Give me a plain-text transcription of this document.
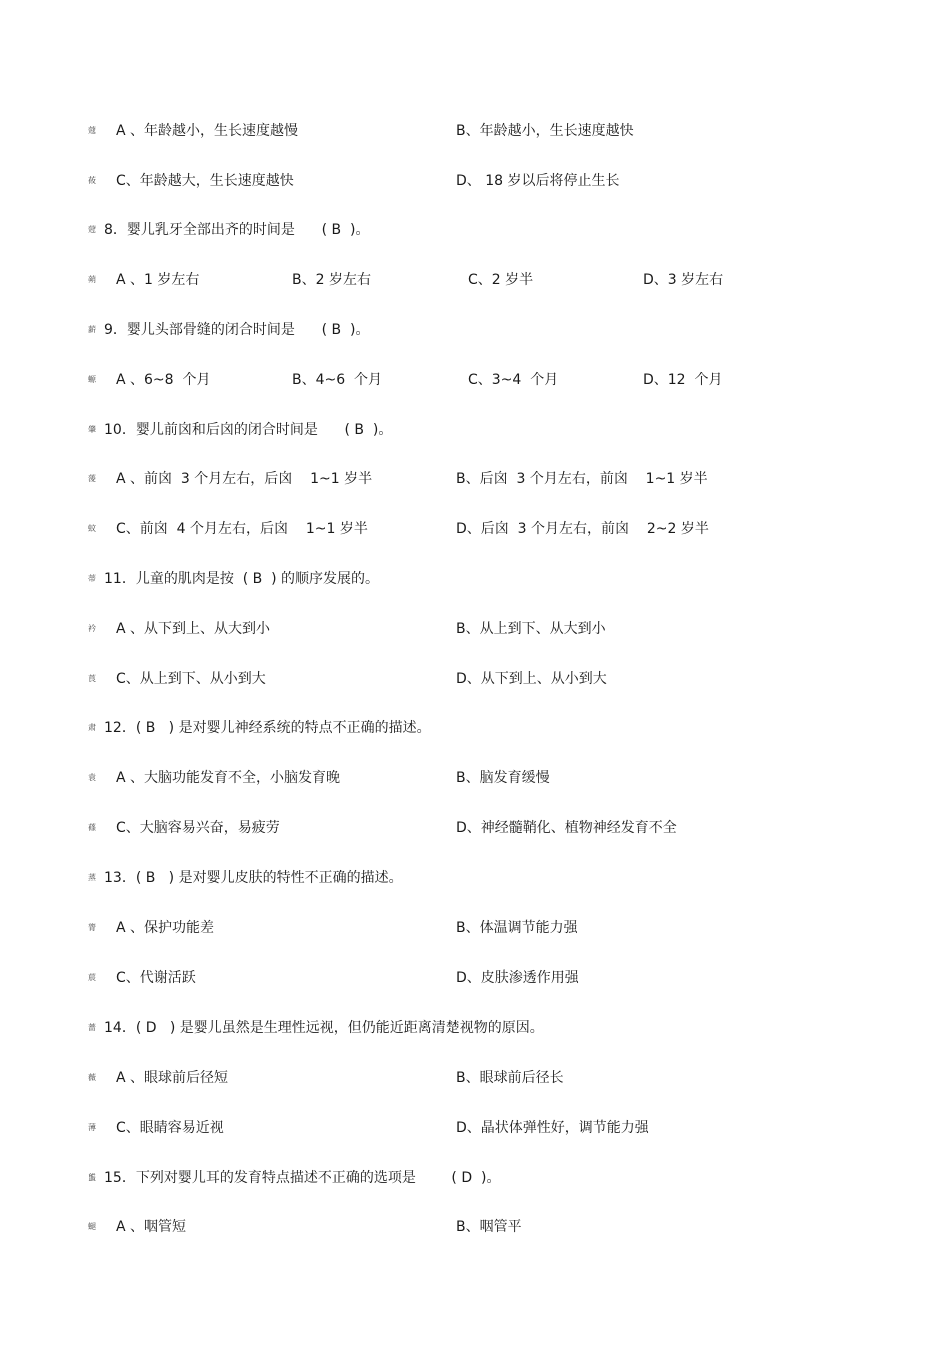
蔻 A 、年龄越小，生长速度越慢	B、年龄越小，生长速度越快
莜 C、年龄越大，生长速度越快	D、 18 岁以后将停止生长
蒄 8．婴儿乳牙全部出齐的时间是      ( B  )。
蒴 A 、1 岁左右	B、2 岁左右	C、2 岁半	D、3 岁左右
薪 9．婴儿头部骨缝的闭合时间是      ( B  )。
螈 A 、6~8  个月	B、4~6  个月	C、3~4  个月	D、12  个月
肇 10．婴儿前囟和后囟的闭合时间是      ( B  )。
蔆 A 、前囟  3 个月左右，后囟    1~1 岁半	B、后囟  3 个月左右，前囟    1~1 岁半
蚊 C、前囟  4 个月左右，后囟    1~1 岁半	D、后囟  3 个月左右，前囟    2~2 岁半
蒂 11．儿童的肌肉是按  ( B  ) 的顺序发展的。
衿 A 、从下到上、从大到小	B、从上到下、从大到小
莨 C、从上到下、从小到大	D、从下到上、从小到大
肃 12．( B   ) 是对婴儿神经系统的特点不正确的描述。
袁 A 、大脑功能发育不全，小脑发育晚	B、脑发育缓慢
蓧 C、大脑容易兴奋，易疲劳	D、神经髓鞘化、植物神经发育不全
蒸 13．( B   ) 是对婴儿皮肤的特性不正确的描述。
膂 A 、保护功能差	B、体温调节能力强
莀 C、代谢活跃	D、皮肤渗透作用强
蔷 14．( D   ) 是婴儿虽然是生理性远视，但仍能近距离清楚视物的原因。
薇 A 、眼球前后径短	B、眼球前后径长
薄 C、眼睛容易近视	D、晶状体弹性好，调节能力强
螚 15．下列对婴儿耳的发育特点描述不正确的选项是        ( D  )。
螁 A 、咽管短	B、咽管平
